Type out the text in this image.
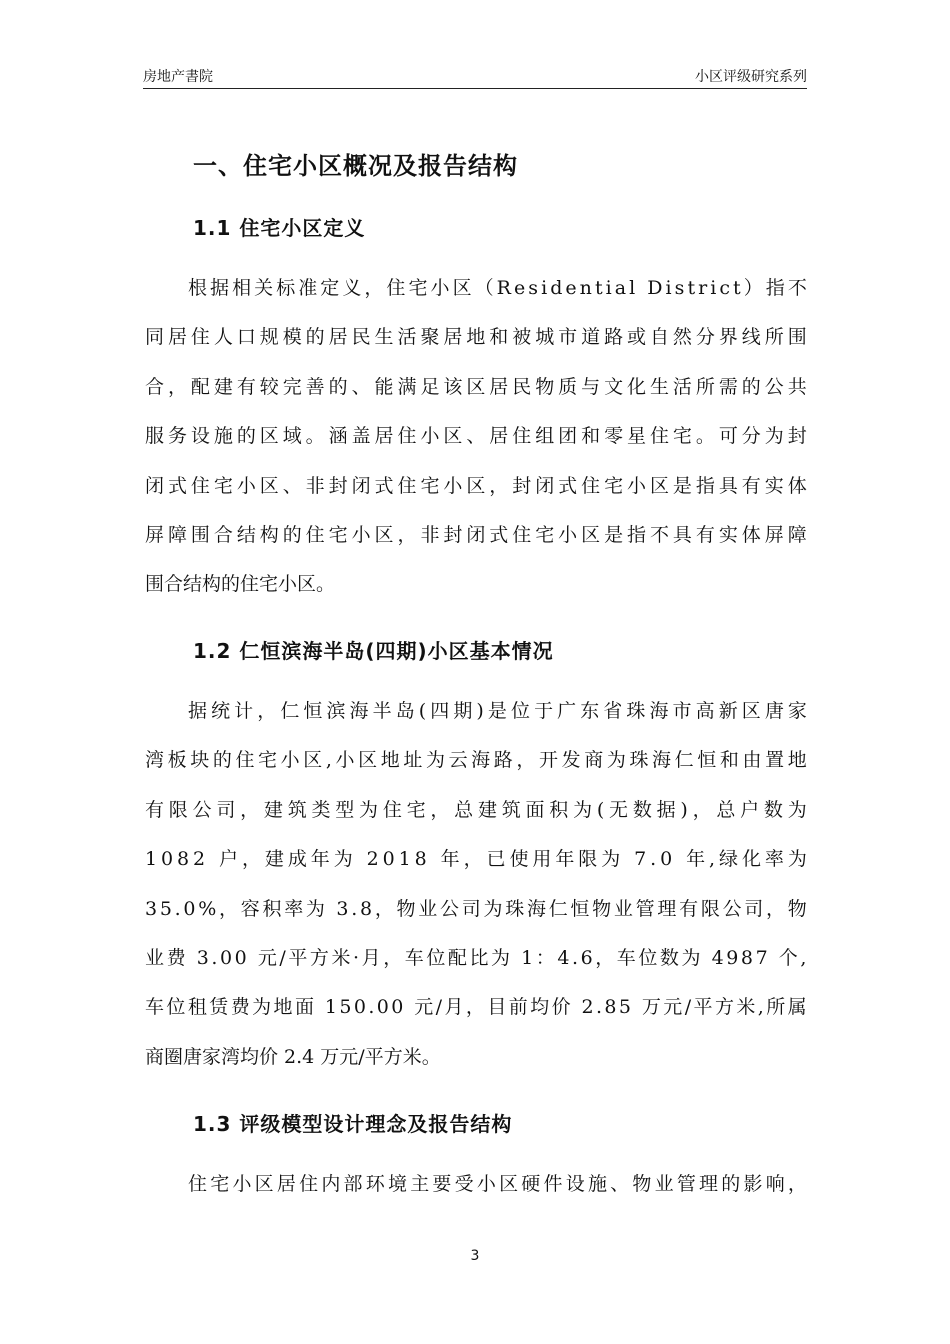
房地产書院	小区评级研究系列
一、住宅小区概况及报告结构
1.1 住宅小区定义
根 据 相 关 标 准 定 义 ， 住 宅 小 区 （ R e s i d e n t i a l
D i s t r i c t ） 指 不
同 居 住 人 口 规 模 的 居 民 生 活 聚 居 地 和 被 城 市 道 路 或 自 然 分 界 线 所 围
合 ， 配 建 有 较 完 善 的 、 能 满 足 该 区 居 民 物 质 与 文 化 生 活 所 需 的 公 共
服 务 设 施 的 区 域 。 涵 盖 居 住 小 区 、 居 住 组 团 和 零 星 住 宅 。 可 分 为 封
闭 式 住 宅 小 区 、 非 封 闭 式 住 宅 小 区 ， 封 闭 式 住 宅 小 区 是 指 具 有 实 体
屏 障 围 合 结 构 的 住 宅 小 区 ， 非 封 闭 式 住 宅 小 区 是 指 不 具 有 实 体 屏 障
围合结构的住宅小区。
1.2 仁恒滨海半岛(四期)小区基本情况
据 统 计 ， 仁 恒 滨 海 半 岛 ( 四 期 ) 是 位 于 广 东 省 珠 海 市 高 新 区 唐 家
湾 板 块 的 住 宅 小 区 , 小 区 地 址 为 云 海 路 ， 开 发 商 为 珠 海 仁 恒 和 由 置 地
有 限 公 司 ， 建 筑 类 型 为 住 宅 ， 总 建 筑 面 积 为 ( 无 数 据 ) ， 总 户 数 为
1 0 8 2
户 ， 建 成 年 为
2 0 1 8
年 ， 已 使 用 年 限 为
7 . 0
年 , 绿 化 率 为
3 5 . 0 % ， 容 积 率 为
3 . 8 ， 物 业 公 司 为 珠 海 仁 恒 物 业 管 理 有 限 公 司 ， 物
业 费
3 . 0 0
元 / 平 方 米 · 月 ， 车 位 配 比 为
1 ： 4 . 6 ， 车 位 数 为
4 9 8 7
个 ,
车 位 租 赁 费 为 地 面
1 5 0 . 0 0
元 / 月 ， 目 前 均 价
2 . 8 5
万 元 / 平 方 米 , 所 属
商圈唐家湾均价 2.4 万元/平方米。
1.3 评级模型设计理念及报告结构
住 宅 小 区 居 住 内 部 环 境 主 要 受 小 区 硬 件 设 施 、 物 业 管 理 的 影 响 ，
3
